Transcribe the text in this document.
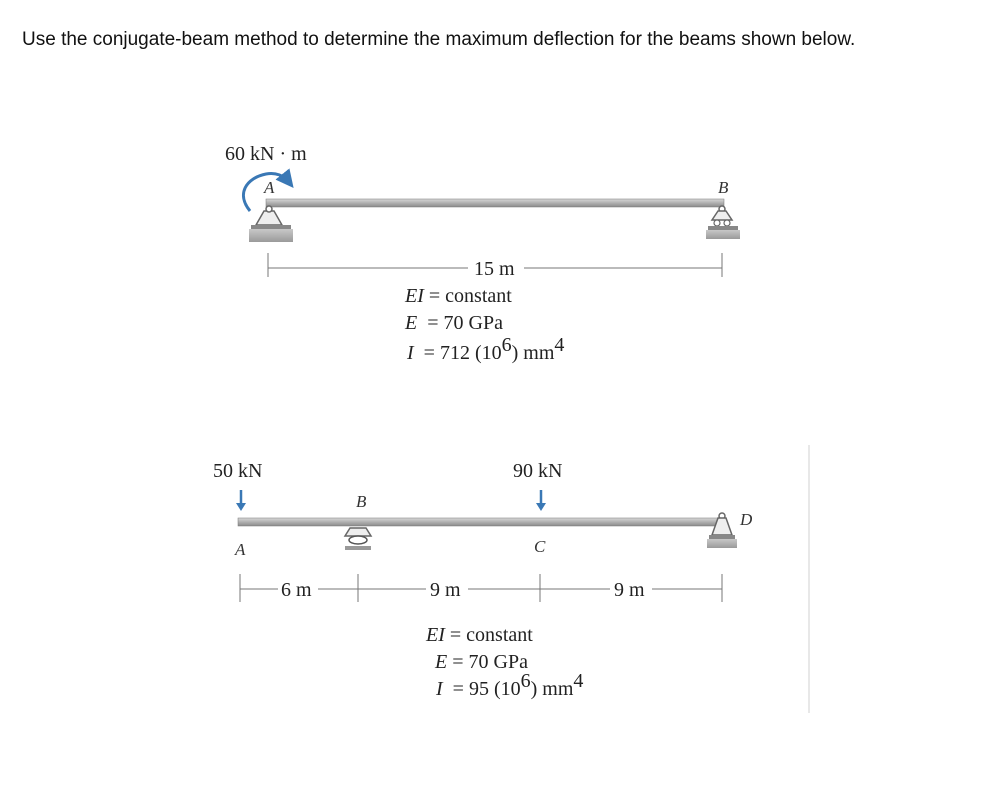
Use the conjugate-beam method to determine the maximum deflection for the beams shown below.
60 kN · m
A	B
15 m
EI = constant
E  = 70 GPa
I  = 712 (106) mm4
50 kN	90 kN
B
D
A	C
6 m	9 m	9 m
EI = constant
E = 70 GPa
I  = 95 (106) mm4
